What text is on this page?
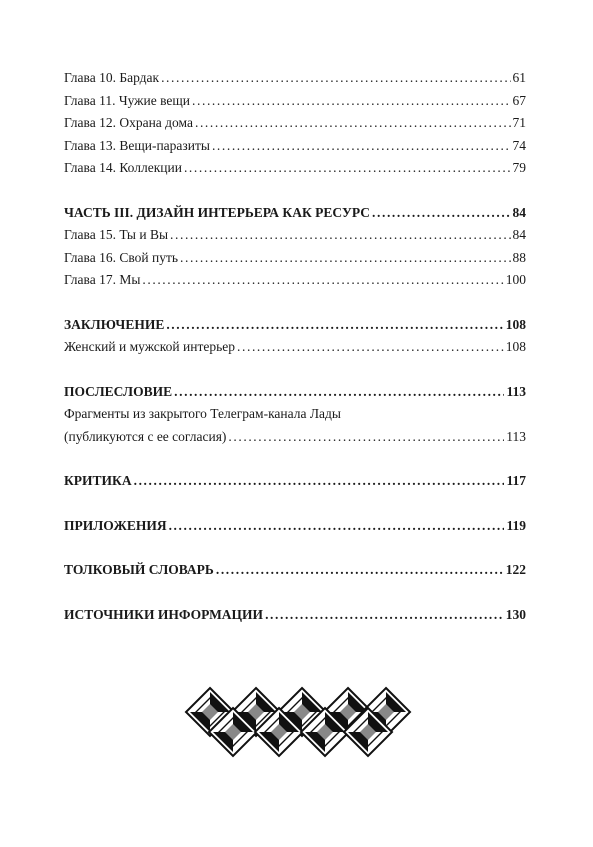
Глава 10. Бардак .....	61
Глава 11. Чужие вещи .....	67
Глава 12. Охрана дома .....	71
Глава 13. Вещи-паразиты .....	74
Глава 14. Коллекции .....	79
ЧАСТЬ III. ДИЗАЙН ИНТЕРЬЕРА КАК РЕСУРС .....	84
Глава 15. Ты и Вы .....	84
Глава 16. Свой путь .....	88
Глава 17. Мы .....	100
ЗАКЛЮЧЕНИЕ .....	108
Женский и мужской интерьер .....	108
ПОСЛЕСЛОВИЕ .....	113
Фрагменты из закрытого Телеграм-канала Лады
(публикуются с ее согласия) .....	113
КРИТИКА .....	117
ПРИЛОЖЕНИЯ .....	119
ТОЛКОВЫЙ СЛОВАРЬ .....	122
ИСТОЧНИКИ ИНФОРМАЦИИ .....	130
